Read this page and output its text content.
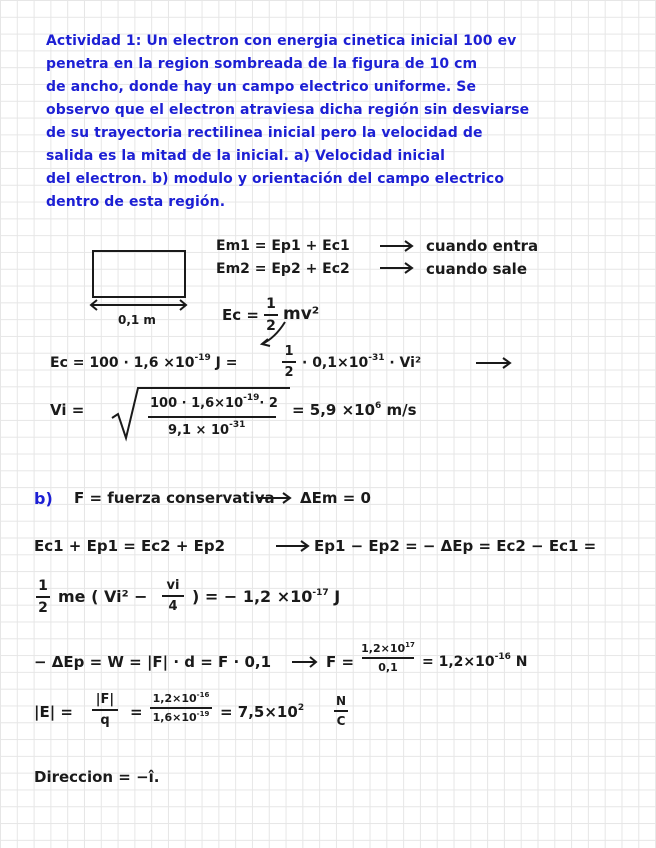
Actividad 1: Un electron con energia cinetica inicial 100 ev
penetra en la region sombreada de la figura de 10 cm
de ancho, donde hay un campo electrico uniforme. Se
observo que el electron atraviesa dicha región sin desviarse
de su trayectoria rectilinea inicial pero la velocidad de
salida es la mitad de la inicial. a) Velocidad inicial
del electron. b) modulo y orientación del campo electrico
dentro de esta región.
0,1 m
Em1 = Ep1 + Ec1	cuando entra
Em2 = Ep2 + Ec2	cuando sale
Ec =
1
2
mv²
$Ec = 100 \cdot 1,6 \times 10^{-19}$ J =
1
2
· $0,1\times 10^{-31} \cdot Vi^2$
Vi =	$100 \cdot 1,6\times 10^{-19}\cdot 2$
$9,1 \times 10^{-31}$
= $5,9 \times 10^6$ m/s
b) F = fuerza conservativa ΔEm = 0
Ec1 + Ep1 = Ec2 + Ep2	Ep1 − Ep2 = − ΔEp = Ec2 − Ec1 =
1
2
me ( Vi² −
vi
4
) = − $1,2 \times 10^{-17}$ J
− ΔEp = W = |F| · d = F · 0,1	F =
$1,2\times 10^{17}$
$0,1 = 1,2\times 10^{-16}$ N
|E| =
|F|
q =
$1,2\times 10^{-16}$
$1,6\times 10^{-19} = 7,5\times 10^2$	N
C
Direccion = −î.
